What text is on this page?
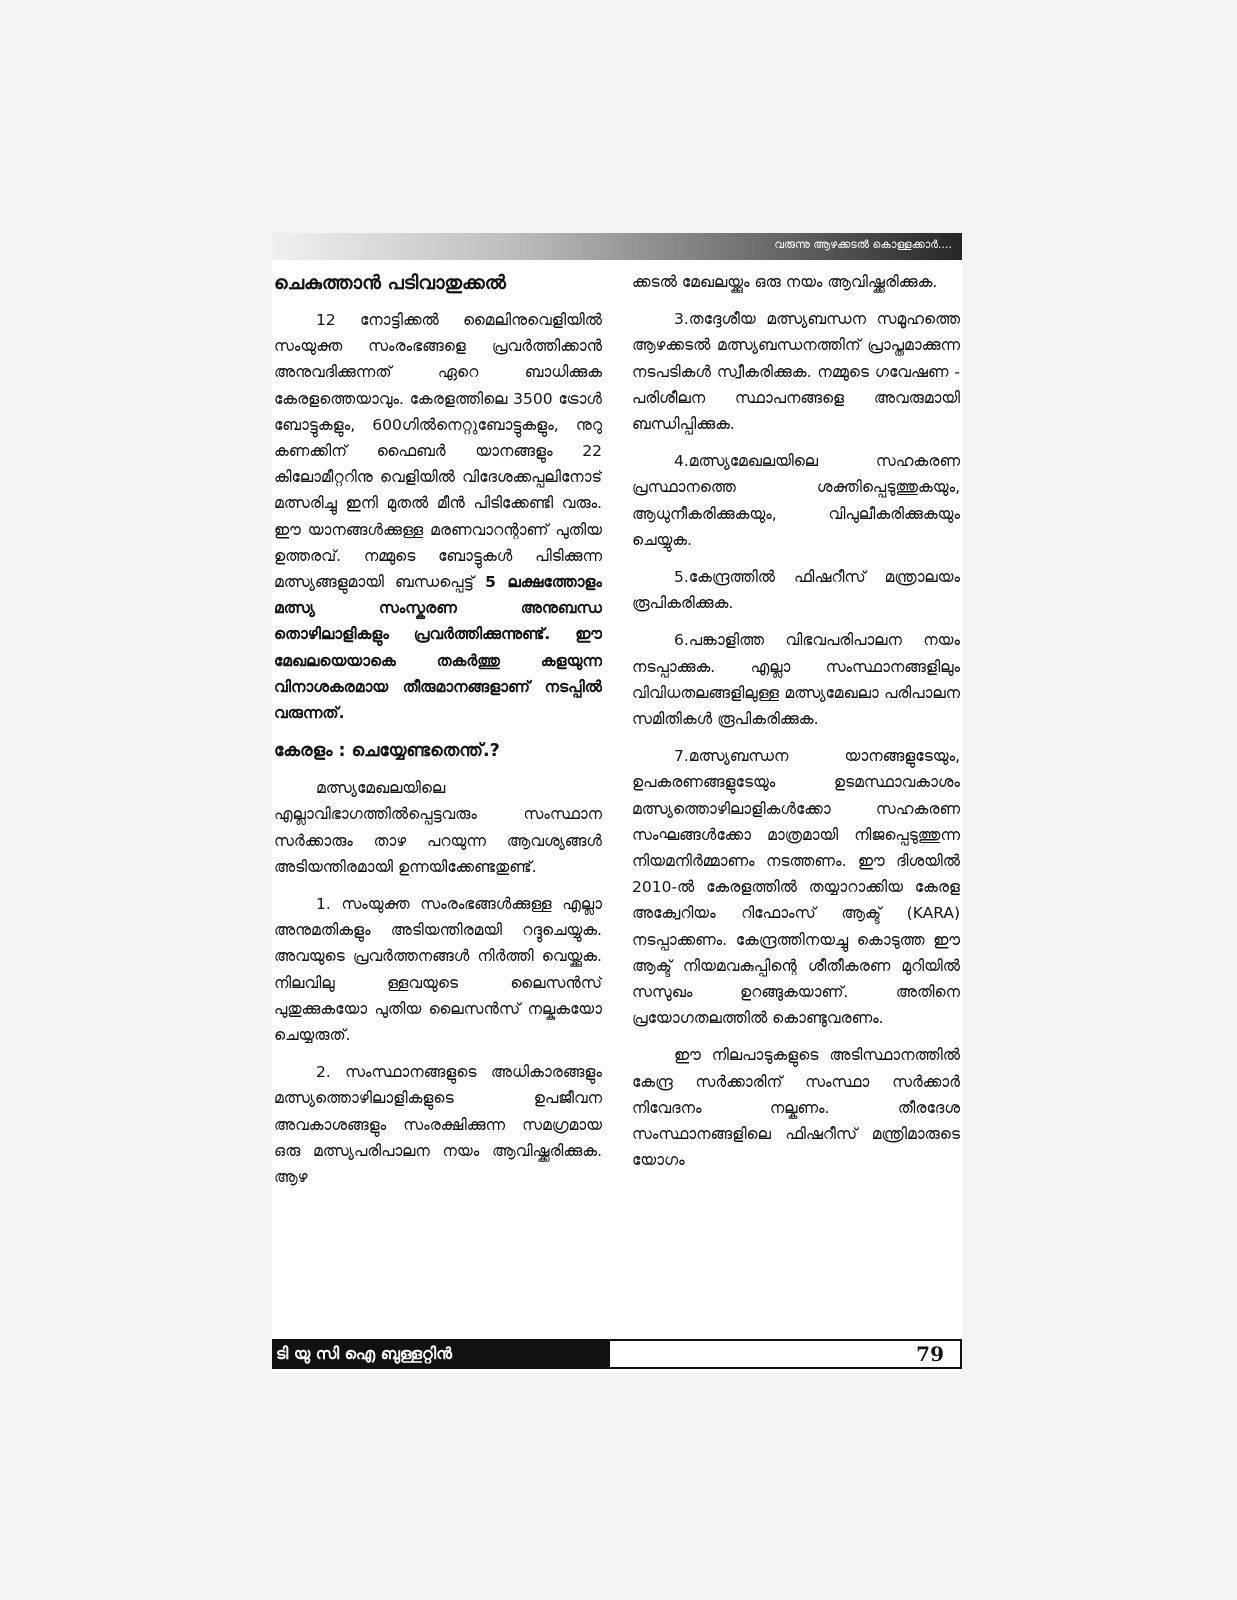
വരുന്നു ആഴക്കടൽ കൊള്ളക്കാർ....
ചെകുത്താൻ പടിവാതുക്കൽ

12 നോട്ടിക്കൽ മൈലിനുവെളിയിൽ സംയുക്ത സംരംഭങ്ങളെ പ്രവർത്തിക്കാൻ അനുവദിക്കുന്നത് ഏറെ ബാധിക്കുക കേരളത്തെയാവും. കേരളത്തിലെ 3500 ട്രോൾ ബോട്ടുകളും, 600ഗിൽനെറ്റുബോട്ടുകളും, നുറു കണക്കിന് ഫൈബർ യാനങ്ങളും 22 കിലോമീറ്ററിനു വെളിയിൽ വിദേശക്കപ്പലിനോട് മത്സരിച്ചു ഇനി മുതൽ മീൻ പിടിക്കേണ്ടി വരും. ഈ യാനങ്ങൾക്കുള്ള മരണവാറന്റാണ് പുതിയ ഉത്തരവ്. നമ്മുടെ ബോട്ടുകൾ പിടിക്കുന്ന മത്സ്യങ്ങളുമായി ബന്ധപ്പെട്ട് 5 ലക്ഷത്തോളം മത്സ്യ സംസ്കരണ അനുബന്ധ തൊഴിലാളികളും പ്രവർത്തിക്കുന്നുണ്ട്. ഈ മേഖലയെയാകെ തകർത്തു കളയുന്ന വിനാശകരമായ തീരുമാനങ്ങളാണ് നടപ്പിൽ വരുന്നത്.

കേരളം : ചെയ്യേണ്ടതെന്ത്.?

മത്സ്യമേഖലയിലെ എല്ലാവിഭാഗത്തിൽപ്പെട്ടവരും സംസ്ഥാന സർക്കാരും താഴ പറയുന്ന ആവശ്യങ്ങൾ അടിയന്തിരമായി ഉന്നയിക്കേണ്ടതുണ്ട്.

1. സംയുക്ത സംരംഭങ്ങൾക്കുള്ള എല്ലാ അനുമതികളും അടിയന്തിരമയി റദ്ദുചെയ്യുക. അവയുടെ പ്രവർത്തനങ്ങൾ നിർത്തി വെയ്ക്കുക. നിലവിലു ള്ളവയുടെ ലൈസൻസ് പുതുക്കുകയോ പുതിയ ലൈസൻസ് നല്കുകയോ ചെയ്യരുത്.

2. സംസ്ഥാനങ്ങളുടെ അധികാരങ്ങളും മത്സ്യത്തൊഴിലാളികളുടെ ഉപജീവന അവകാശങ്ങളും സംരക്ഷിക്കുന്ന സമഗ്രമായ ഒരു മത്സ്യപരിപാലന നയം ആവിഷ്ക്കരിക്കുക. ആഴ

ക്കടൽ മേഖലയ്ക്കും ഒരു നയം ആവിഷ്ക്കരിക്കുക.

3.തദ്ദേശീയ മത്സ്യബന്ധന സമൂഹത്തെ ആഴക്കടൽ മത്സ്യബന്ധനത്തിന് പ്രാപ്തമാക്കുന്ന നടപടികൾ സ്വീകരിക്കുക. നമ്മുടെ ഗവേഷണ - പരിശീലന സ്ഥാപനങ്ങളെ അവരുമായി ബന്ധിപ്പിക്കുക.

4.മത്സ്യമേഖലയിലെ സഹകരണ പ്രസ്ഥാനത്തെ ശക്തിപ്പെടുത്തുകയും, ആധുനീകരിക്കുകയും, വിപുലീകരിക്കുകയും ചെയ്യുക.

5.കേന്ദ്രത്തിൽ ഫിഷറീസ് മന്ത്രാലയം രൂപികരിക്കുക.

6.പങ്കാളിത്ത വിഭവപരിപാലന നയം നടപ്പാക്കുക. എല്ലാ സംസ്ഥാനങ്ങളിലും വിവിധതലങ്ങളിലുള്ള മത്സ്യമേഖലാ പരിപാലന സമിതികൾ രൂപികരിക്കുക.

7.മത്സ്യബന്ധന യാനങ്ങളുടേയും, ഉപകരണങ്ങളുടേയും ഉടമസ്ഥാവകാശം മത്സ്യത്തൊഴിലാളികൾക്കോ സഹകരണ സംഘങ്ങൾക്കോ മാത്രമായി നിജപ്പെടുത്തുന്ന നിയമനിർമ്മാണം നടത്തണം. ഈ ദിശയിൽ 2010-ൽ കേരളത്തിൽ തയ്യാറാക്കിയ കേരള അക്വേറിയം റിഫോംസ് ആക്ട് (KARA) നടപ്പാക്കണം. കേന്ദ്രത്തിനയച്ചു കൊടുത്ത ഈ ആക്ട് നിയമവകുപ്പിന്റെ ശീതീകരണ മുറിയിൽ സസുഖം ഉറങ്ങുകയാണ്. അതിനെ പ്രയോഗതലത്തിൽ കൊണ്ടുവരണം.

ഈ നിലപാടുകളുടെ അടിസ്ഥാനത്തിൽ കേന്ദ്ര സർക്കാരിന് സംസ്ഥാ സർക്കാർ നിവേദനം നല്കണം. തീരദേശ സംസ്ഥാനങ്ങളിലെ ഫിഷറീസ് മന്ത്രിമാരുടെ യോഗം

ടി യു സി ഐ ബുള്ളറ്റിൻ	79
